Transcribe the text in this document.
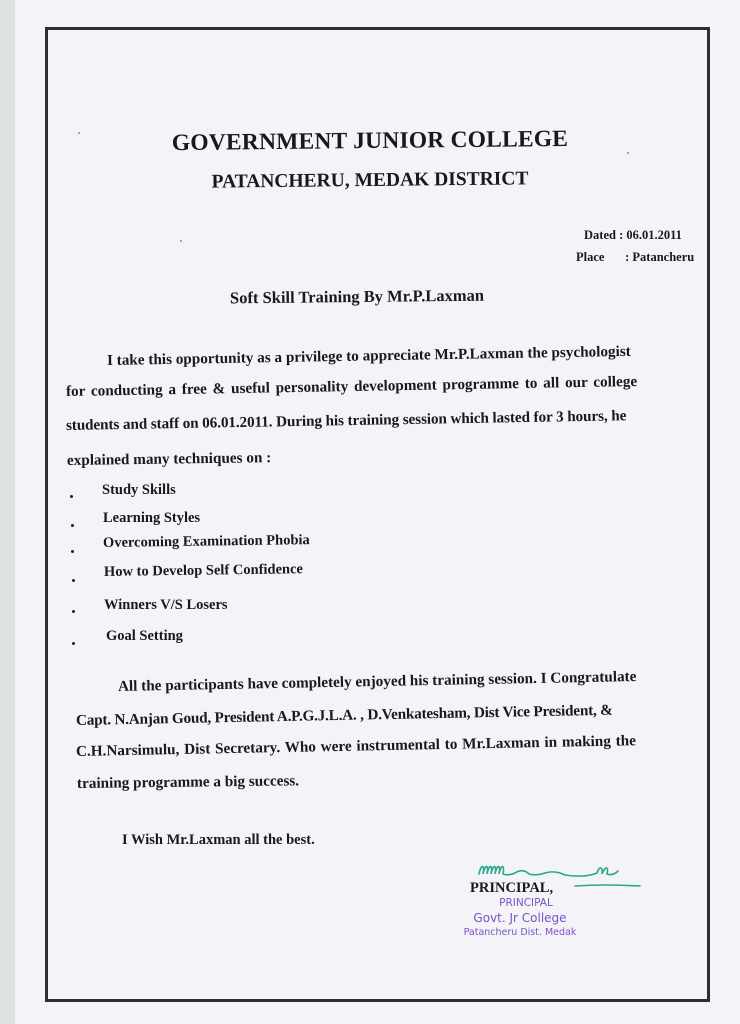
GOVERNMENT JUNIOR COLLEGE
PATANCHERU, MEDAK DISTRICT
Dated : 06.01.2011
Place : Patancheru
Soft Skill Training By Mr.P.Laxman
I take this opportunity as a privilege to appreciate Mr.P.Laxman the psychologist
for conducting a free & useful personality development programme to all our college
students and staff on 06.01.2011. During his training session which lasted for 3 hours, he
explained many techniques on :
Study Skills
Learning Styles
Overcoming Examination Phobia
How to Develop Self Confidence
Winners V/S Losers
Goal Setting
All the participants have completely enjoyed his training session. I Congratulate
Capt. N.Anjan Goud, President A.P.G.J.L.A. , D.Venkatesham, Dist Vice President, &
C.H.Narsimulu, Dist Secretary. Who were instrumental to Mr.Laxman in making the
training programme a big success.
I Wish Mr.Laxman all the best.
PRINCIPAL,
PRINCIPAL
Govt. Jr College
Patancheru Dist. Medak
